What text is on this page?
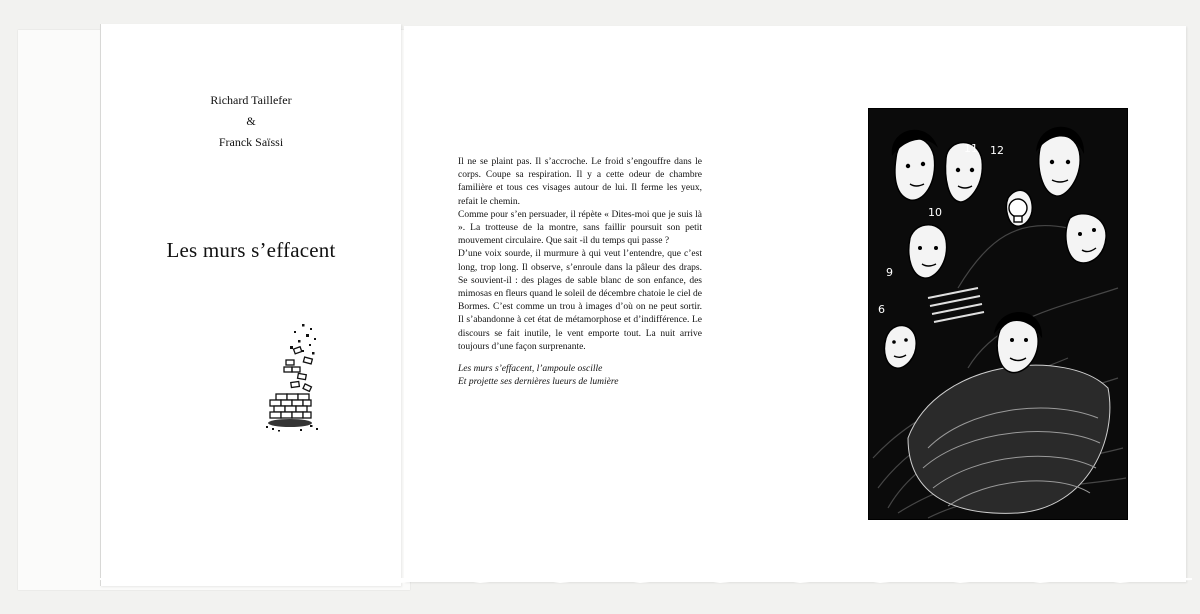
Richard Taillefer
&
Franck Saïssi
Les murs s’effacent

Il ne se plaint pas. Il s’accroche. Le froid s’engouffre dans le corps. Coupe sa respiration. Il y a cette odeur de chambre familière et tous ces visages autour de lui. Il ferme les yeux, refait le chemin.

Comme pour s’en persuader, il répète « Dites-moi que je suis là ». La trotteuse de la montre, sans faillir poursuit son petit mouvement circulaire. Que sait -il du temps qui passe ?

D’une voix sourde, il murmure à qui veut l’entendre, que c’est long, trop long. Il observe, s’enroule dans la pâleur des draps. Se souvient-il : des plages de sable blanc de son enfance, des mimosas en fleurs quand le soleil de décembre chatoie le ciel de Bormes. C’est comme un trou à images d’où on ne peut sortir. Il s’abandonne à cet état de métamorphose et d’indifférence. Le discours se fait inutile, le vent emporte tout. La nuit arrive toujours d’une façon surprenante.

Les murs s’effacent, l’ampoule oscille
Et projette ses dernières lueurs de lumière
11 12
10
9
6
